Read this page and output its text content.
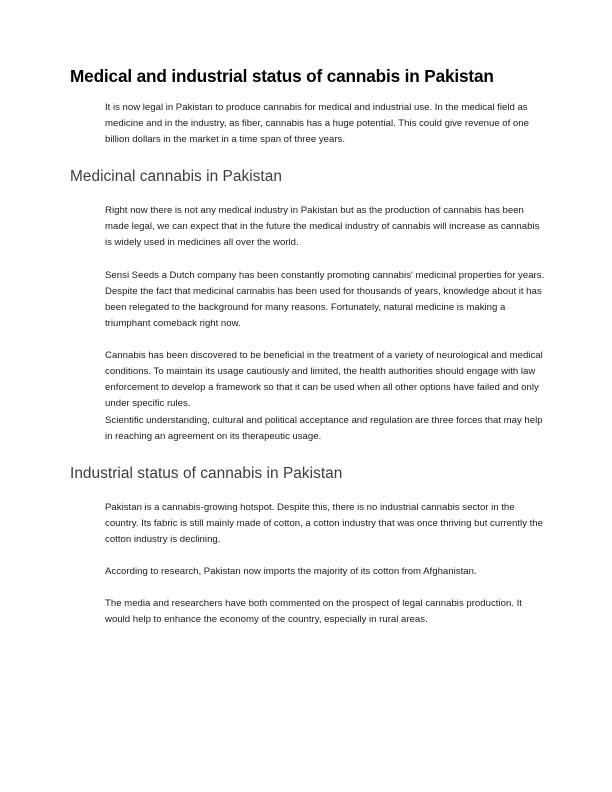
Medical and industrial status of cannabis in Pakistan

It is now legal in Pakistan to produce cannabis for medical and industrial use. In the medical field as medicine and in the industry, as fiber, cannabis has a huge potential. This could give revenue of one billion dollars in the market in a time span of three years.

Medicinal cannabis in Pakistan

Right now there is not any medical industry in Pakistan but as the production of cannabis has been made legal, we can expect that in the future the medical industry of cannabis will increase as cannabis is widely used in medicines all over the world.

Sensi Seeds a Dutch company has been constantly promoting cannabis' medicinal properties for years.
Despite the fact that medicinal cannabis has been used for thousands of years, knowledge about it has been relegated to the background for many reasons. Fortunately, natural medicine is making a triumphant comeback right now.

Cannabis has been discovered to be beneficial in the treatment of a variety of neurological and medical conditions. To maintain its usage cautiously and limited, the health authorities should engage with law enforcement to develop a framework so that it can be used when all other options have failed and only under specific rules.
Scientific understanding, cultural and political acceptance and regulation are three forces that may help in reaching an agreement on its therapeutic usage.

Industrial status of cannabis in Pakistan

Pakistan is a cannabis-growing hotspot. Despite this, there is no industrial cannabis sector in the country. Its fabric is still mainly made of cotton, a cotton industry that was once thriving but currently the cotton industry is declining.

According to research, Pakistan now imports the majority of its cotton from Afghanistan.

The media and researchers have both commented on the prospect of legal cannabis production. It would help to enhance the economy of the country, especially in rural areas.
